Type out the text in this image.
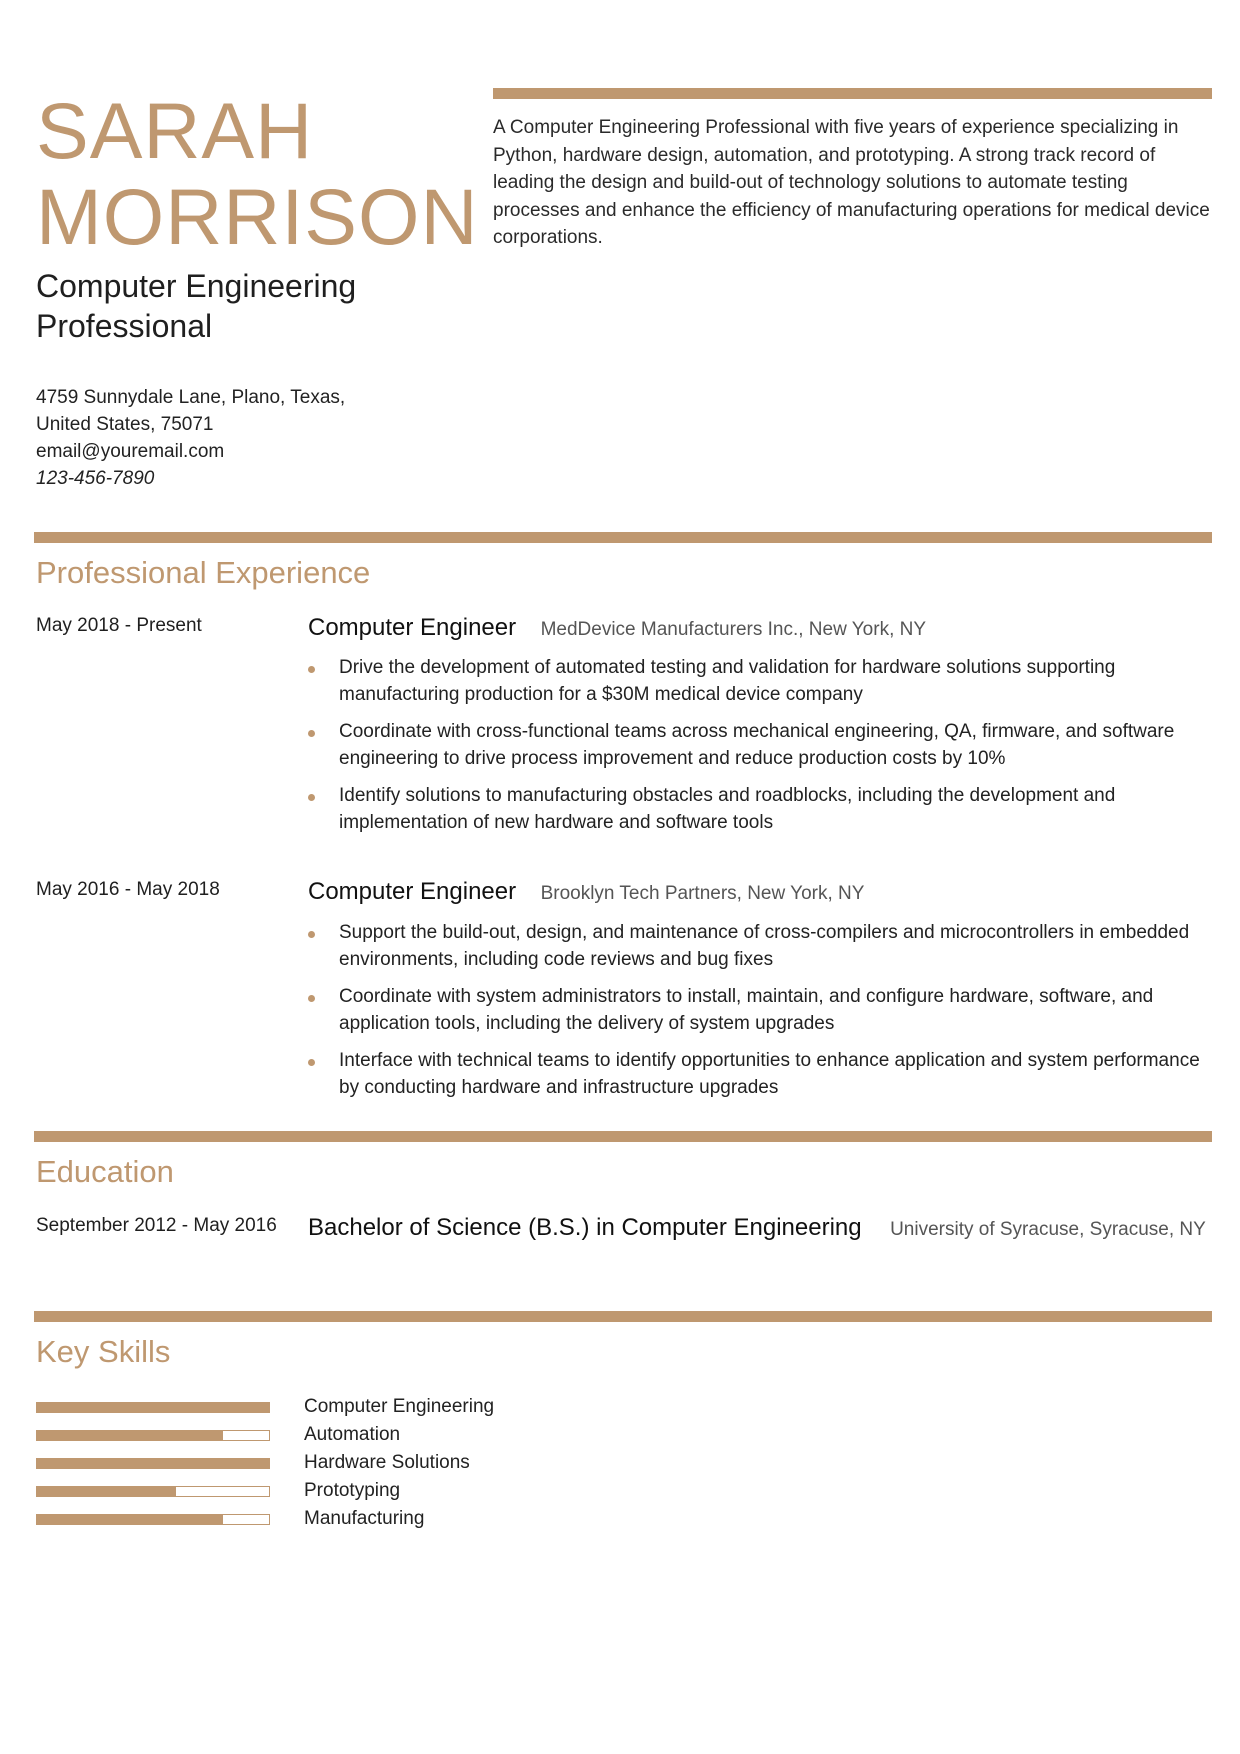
SARAH
MORRISON
Computer Engineering Professional
4759 Sunnydale Lane, Plano, Texas, United States, 75071
email@youremail.com
123-456-7890
A Computer Engineering Professional with five years of experience specializing in Python, hardware design, automation, and prototyping. A strong track record of leading the design and build-out of technology solutions to automate testing processes and enhance the efficiency of manufacturing operations for medical device corporations.
Professional Experience
May 2018 - Present	Computer Engineer MedDevice Manufacturers Inc., New York, NY
Drive the development of automated testing and validation for hardware solutions supporting manufacturing production for a $30M medical device company
Coordinate with cross-functional teams across mechanical engineering, QA, firmware, and software engineering to drive process improvement and reduce production costs by 10%
Identify solutions to manufacturing obstacles and roadblocks, including the development and implementation of new hardware and software tools
May 2016 - May 2018	Computer Engineer Brooklyn Tech Partners, New York, NY
Support the build-out, design, and maintenance of cross-compilers and microcontrollers in embedded environments, including code reviews and bug fixes
Coordinate with system administrators to install, maintain, and configure hardware, software, and application tools, including the delivery of system upgrades
Interface with technical teams to identify opportunities to enhance application and system performance by conducting hardware and infrastructure upgrades
Education
September 2012 - May 2016 Bachelor of Science (B.S.) in Computer Engineering University of Syracuse, Syracuse, NY
Key Skills
Computer Engineering
Automation
Hardware Solutions
Prototyping
Manufacturing
